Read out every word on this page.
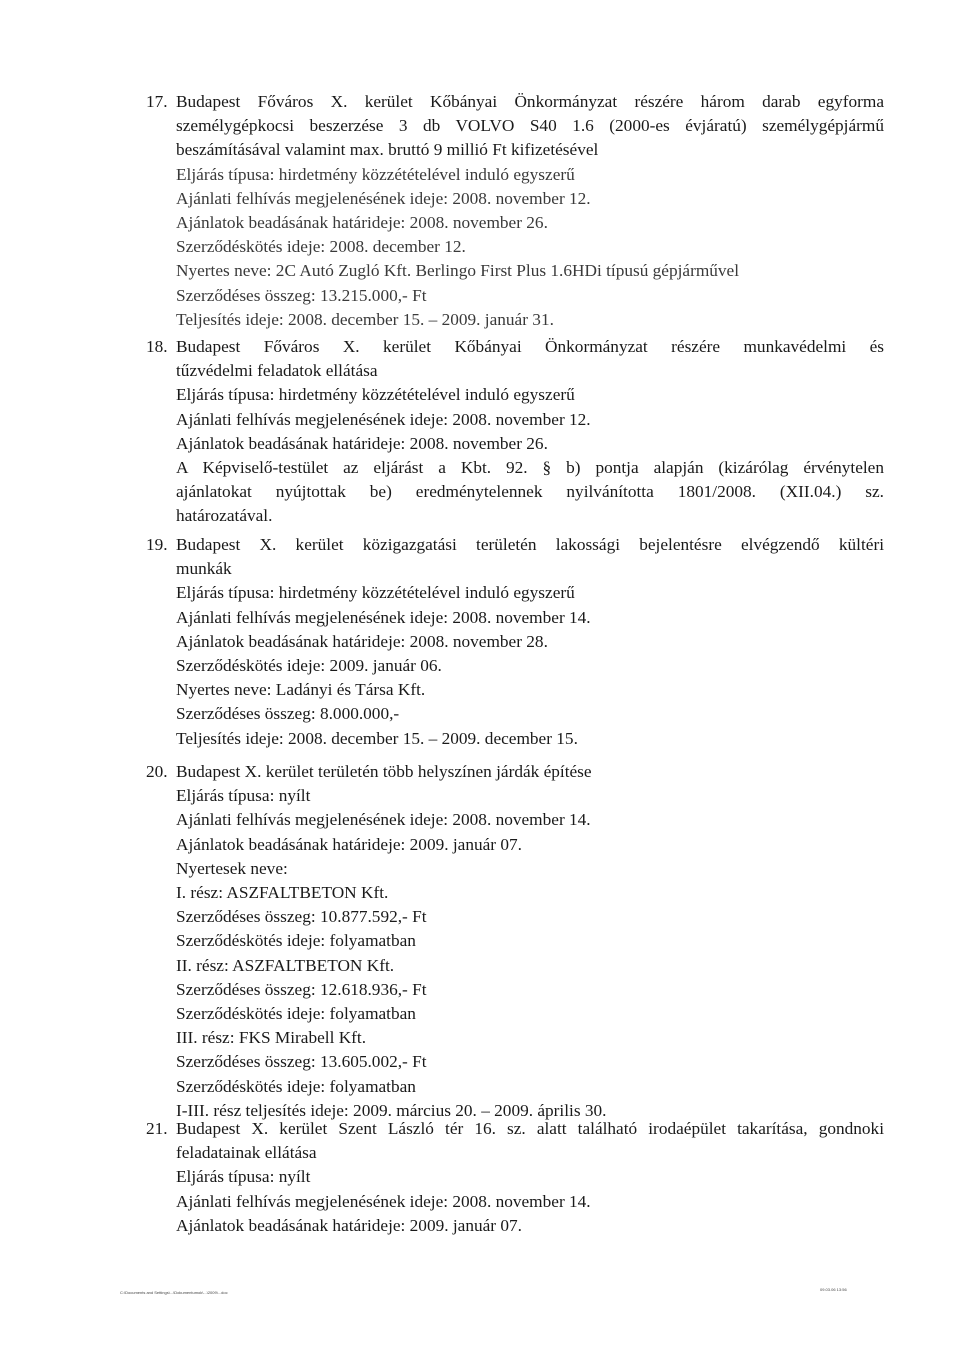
17. Budapest Főváros X. kerület Kőbányai Önkormányzat részére három darab egyforma
személygépkocsi beszerzése 3 db VOLVO S40 1.6 (2000-es évjáratú) személygépjármű
beszámításával valamint max. bruttó 9 millió Ft kifizetésével
Eljárás típusa: hirdetmény közzétételével induló egyszerű
Ajánlati felhívás megjelenésének ideje: 2008. november 12.
Ajánlatok beadásának határideje: 2008. november 26.
Szerződéskötés ideje: 2008. december 12.
Nyertes neve: 2C Autó Zugló Kft. Berlingo First Plus 1.6HDi típusú gépjárművel
Szerződéses összeg: 13.215.000,- Ft
Teljesítés ideje: 2008. december 15. – 2009. január 31.
18. Budapest Főváros X. kerület Kőbányai Önkormányzat részére munkavédelmi és
tűzvédelmi feladatok ellátása
Eljárás típusa: hirdetmény közzétételével induló egyszerű
Ajánlati felhívás megjelenésének ideje: 2008. november 12.
Ajánlatok beadásának határideje: 2008. november 26.
A Képviselő-testület az eljárást a Kbt. 92. § b) pontja alapján (kizárólag érvénytelen
ajánlatokat nyújtottak be) eredménytelennek nyilvánította 1801/2008. (XII.04.) sz.
határozatával.
19. Budapest X. kerület közigazgatási területén lakossági bejelentésre elvégzendő kültéri
munkák
Eljárás típusa: hirdetmény közzétételével induló egyszerű
Ajánlati felhívás megjelenésének ideje: 2008. november 14.
Ajánlatok beadásának határideje: 2008. november 28.
Szerződéskötés ideje: 2009. január 06.
Nyertes neve: Ladányi és Társa Kft.
Szerződéses összeg: 8.000.000,-
Teljesítés ideje: 2008. december 15. – 2009. december 15.
20. Budapest X. kerület területén több helyszínen járdák építése
Eljárás típusa: nyílt
Ajánlati felhívás megjelenésének ideje: 2008. november 14.
Ajánlatok beadásának határideje: 2009. január 07.
Nyertesek neve:
I. rész: ASZFALTBETON Kft.
Szerződéses összeg: 10.877.592,- Ft
Szerződéskötés ideje: folyamatban
II. rész: ASZFALTBETON Kft.
Szerződéses összeg: 12.618.936,- Ft
Szerződéskötés ideje: folyamatban
III. rész: FKS Mirabell Kft.
Szerződéses összeg: 13.605.002,- Ft
Szerződéskötés ideje: folyamatban
I-III. rész teljesítés ideje: 2009. március 20. – 2009. április 30.
21. Budapest X. kerület Szent László tér 16. sz. alatt található irodaépület takarítása, gondnoki
feladatainak ellátása
Eljárás típusa: nyílt
Ajánlati felhívás megjelenésének ideje: 2008. november 14.
Ajánlatok beadásának határideje: 2009. január 07.
C:\Documents and Settings\...\Dokumentumok\...\2009\...doc
09.03.06 13:56
